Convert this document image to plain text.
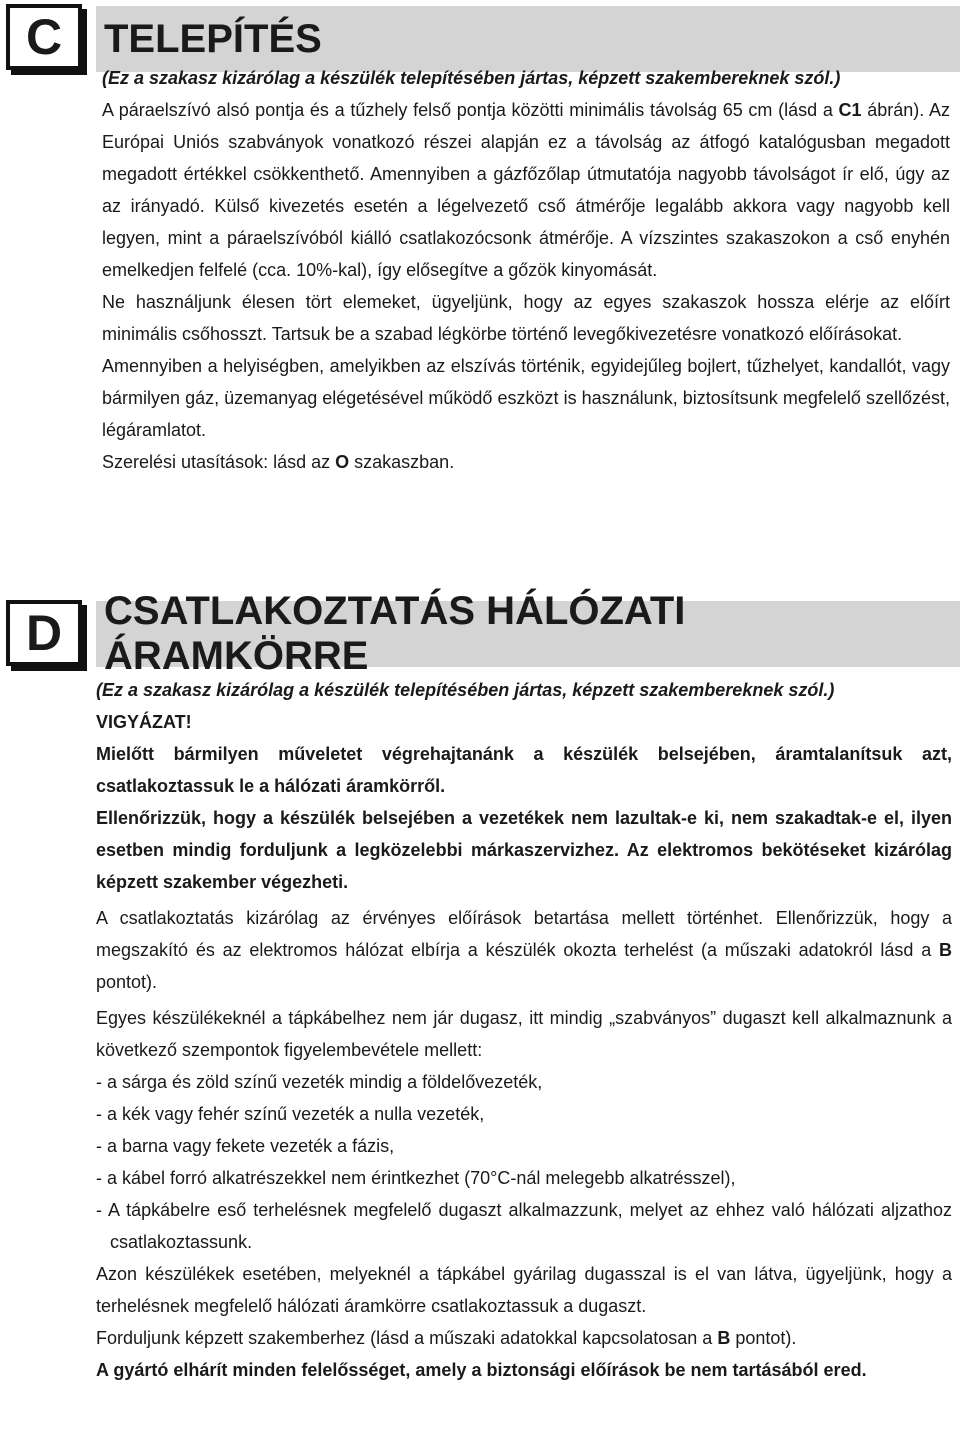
C	TELEPÍTÉS

(Ez a szakasz kizárólag a készülék telepítésében jártas, képzett szakembereknek szól.)

A páraelszívó alsó pontja és a tűzhely felső pontja közötti minimális távolság 65 cm (lásd a C1 ábrán). Az Európai Uniós szabványok vonatkozó részei alapján ez a távolság az átfogó katalógusban megadott megadott értékkel csökkenthető. Amennyiben a gázfőzőlap útmutatója nagyobb távolságot ír elő, úgy az az irányadó. Külső kivezetés esetén a légelvezető cső átmérője legalább akkora vagy nagyobb kell legyen, mint a páraelszívóból kiálló csatlakozócsonk átmérője. A vízszintes szakaszokon a cső enyhén emelkedjen felfelé (cca. 10%-kal), így elősegítve a gőzök kinyomását.

Ne használjunk élesen tört elemeket, ügyeljünk, hogy az egyes szakaszok hossza elérje az előírt minimális csőhosszt. Tartsuk be a szabad légkörbe történő levegőkivezetésre vonatkozó előírásokat.

Amennyiben a helyiségben, amelyikben az elszívás történik, egyidejűleg bojlert, tűzhelyet, kandallót, vagy bármilyen gáz, üzemanyag elégetésével működő eszközt is használunk, biztosítsunk megfelelő szellőzést, légáramlatot.

Szerelési utasítások: lásd az O szakaszban.

D	CSATLAKOZTATÁS HÁLÓZATI ÁRAMKÖRRE

(Ez a szakasz kizárólag a készülék telepítésében jártas, képzett szakembereknek szól.)

VIGYÁZAT!

Mielőtt bármilyen műveletet végrehajtanánk a készülék belsejében, áramtalanítsuk azt, csatlakoztassuk le a hálózati áramkörről.

Ellenőrizzük, hogy a készülék belsejében a vezetékek nem lazultak-e ki, nem szakadtak-e el, ilyen esetben mindig forduljunk a legközelebbi márkaszervizhez. Az elektromos bekötéseket kizárólag képzett szakember végezheti.

A csatlakoztatás kizárólag az érvényes előírások betartása mellett történhet. Ellenőrizzük, hogy a megszakító és az elektromos hálózat elbírja a készülék okozta terhelést (a műszaki adatokról lásd a B pontot).

Egyes készülékeknél a tápkábelhez nem jár dugasz, itt mindig „szabványos” dugaszt kell alkalmaznunk a következő szempontok figyelembevétele mellett:

- a sárga és zöld színű vezeték mindig a földelővezeték,

- a kék vagy fehér színű vezeték a nulla vezeték,

- a barna vagy fekete vezeték a fázis,

- a kábel forró alkatrészekkel nem érintkezhet (70°C-nál melegebb alkatrésszel),

- A tápkábelre eső terhelésnek megfelelő dugaszt alkalmazzunk, melyet az ehhez való hálózati aljzathoz csatlakoztassunk.

Azon készülékek esetében, melyeknél a tápkábel gyárilag dugasszal is el van látva, ügyeljünk, hogy a terhelésnek megfelelő hálózati áramkörre csatlakoztassuk a dugaszt.

Forduljunk képzett szakemberhez (lásd a műszaki adatokkal kapcsolatosan a B pontot).

A gyártó elhárít minden felelősséget, amely a biztonsági előírások be nem tartásából ered.
